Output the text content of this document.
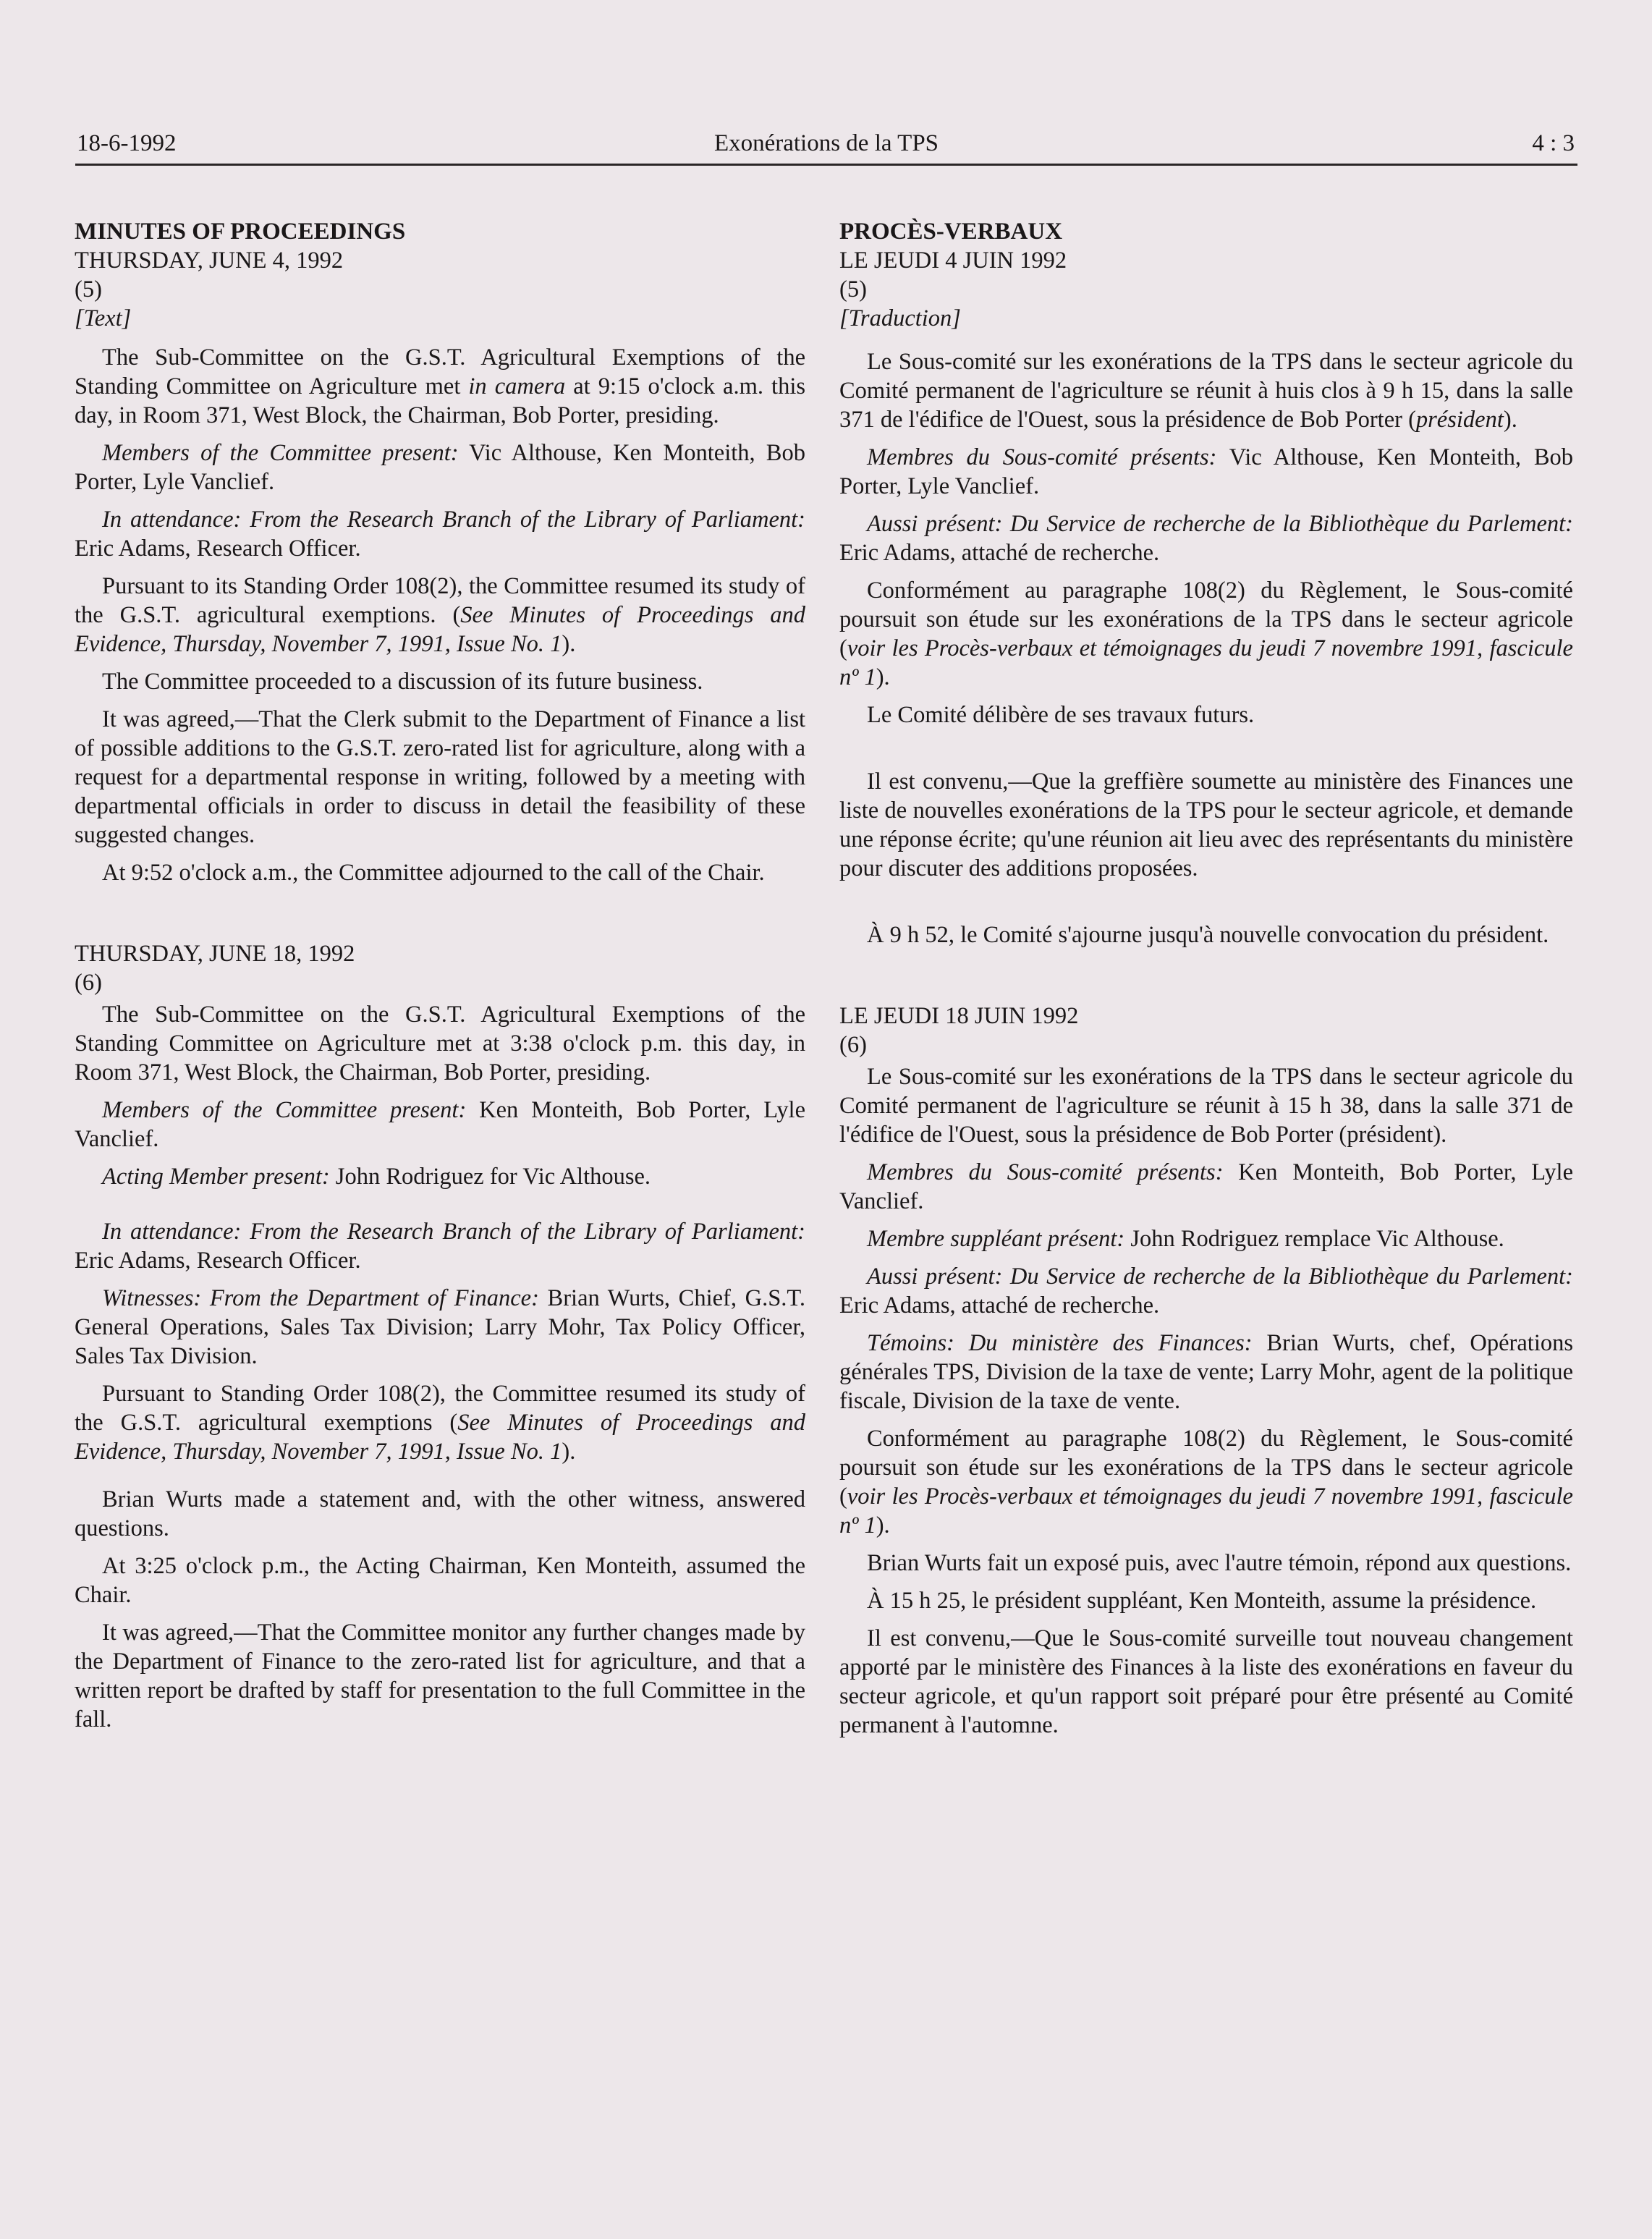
18-6-1992	Exonérations de la TPS	4 : 3
MINUTES OF PROCEEDINGS
THURSDAY, JUNE 4, 1992
(5)
[Text]

The Sub-Committee on the G.S.T. Agricultural Exemptions of the Standing Committee on Agriculture met in camera at 9:15 o'clock a.m. this day, in Room 371, West Block, the Chairman, Bob Porter, presiding.

Members of the Committee present: Vic Althouse, Ken Monteith, Bob Porter, Lyle Vanclief.

In attendance: From the Research Branch of the Library of Parliament: Eric Adams, Research Officer.

Pursuant to its Standing Order 108(2), the Committee resumed its study of the G.S.T. agricultural exemptions. (See Minutes of Proceedings and Evidence, Thursday, November 7, 1991, Issue No. 1).

The Committee proceeded to a discussion of its future business.

It was agreed,—That the Clerk submit to the Department of Finance a list of possible additions to the G.S.T. zero-rated list for agriculture, along with a request for a departmental response in writing, followed by a meeting with departmental officials in order to discuss in detail the feasibility of these suggested changes.

At 9:52 o'clock a.m., the Committee adjourned to the call of the Chair.

THURSDAY, JUNE 18, 1992
(6)

The Sub-Committee on the G.S.T. Agricultural Exemptions of the Standing Committee on Agriculture met at 3:38 o'clock p.m. this day, in Room 371, West Block, the Chairman, Bob Porter, presiding.

Members of the Committee present: Ken Monteith, Bob Porter, Lyle Vanclief.

Acting Member present: John Rodriguez for Vic Althouse.

In attendance: From the Research Branch of the Library of Parliament: Eric Adams, Research Officer.

Witnesses: From the Department of Finance: Brian Wurts, Chief, G.S.T. General Operations, Sales Tax Division; Larry Mohr, Tax Policy Officer, Sales Tax Division.

Pursuant to Standing Order 108(2), the Committee resumed its study of the G.S.T. agricultural exemptions (See Minutes of Proceedings and Evidence, Thursday, November 7, 1991, Issue No. 1).

Brian Wurts made a statement and, with the other witness, answered questions.

At 3:25 o'clock p.m., the Acting Chairman, Ken Monteith, assumed the Chair.

It was agreed,—That the Committee monitor any further changes made by the Department of Finance to the zero-rated list for agriculture, and that a written report be drafted by staff for presentation to the full Committee in the fall.

PROCÈS-VERBAUX
LE JEUDI 4 JUIN 1992
(5)
[Traduction]

Le Sous-comité sur les exonérations de la TPS dans le secteur agricole du Comité permanent de l'agriculture se réunit à huis clos à 9 h 15, dans la salle 371 de l'édifice de l'Ouest, sous la présidence de Bob Porter (président).

Membres du Sous-comité présents: Vic Althouse, Ken Monteith, Bob Porter, Lyle Vanclief.

Aussi présent: Du Service de recherche de la Bibliothèque du Parlement: Eric Adams, attaché de recherche.

Conformément au paragraphe 108(2) du Règlement, le Sous-comité poursuit son étude sur les exonérations de la TPS dans le secteur agricole (voir les Procès-verbaux et témoignages du jeudi 7 novembre 1991, fascicule nº 1).

Le Comité délibère de ses travaux futurs.

Il est convenu,—Que la greffière soumette au ministère des Finances une liste de nouvelles exonérations de la TPS pour le secteur agricole, et demande une réponse écrite; qu'une réunion ait lieu avec des représentants du ministère pour discuter des additions proposées.

À 9 h 52, le Comité s'ajourne jusqu'à nouvelle convocation du président.

LE JEUDI 18 JUIN 1992
(6)

Le Sous-comité sur les exonérations de la TPS dans le secteur agricole du Comité permanent de l'agriculture se réunit à 15 h 38, dans la salle 371 de l'édifice de l'Ouest, sous la présidence de Bob Porter (président).

Membres du Sous-comité présents: Ken Monteith, Bob Porter, Lyle Vanclief.

Membre suppléant présent: John Rodriguez remplace Vic Althouse.

Aussi présent: Du Service de recherche de la Bibliothèque du Parlement: Eric Adams, attaché de recherche.

Témoins: Du ministère des Finances: Brian Wurts, chef, Opérations générales TPS, Division de la taxe de vente; Larry Mohr, agent de la politique fiscale, Division de la taxe de vente.

Conformément au paragraphe 108(2) du Règlement, le Sous-comité poursuit son étude sur les exonérations de la TPS dans le secteur agricole (voir les Procès-verbaux et témoignages du jeudi 7 novembre 1991, fascicule nº 1).

Brian Wurts fait un exposé puis, avec l'autre témoin, répond aux questions.

À 15 h 25, le président suppléant, Ken Monteith, assume la présidence.

Il est convenu,—Que le Sous-comité surveille tout nouveau changement apporté par le ministère des Finances à la liste des exonérations en faveur du secteur agricole, et qu'un rapport soit préparé pour être présenté au Comité permanent à l'automne.
